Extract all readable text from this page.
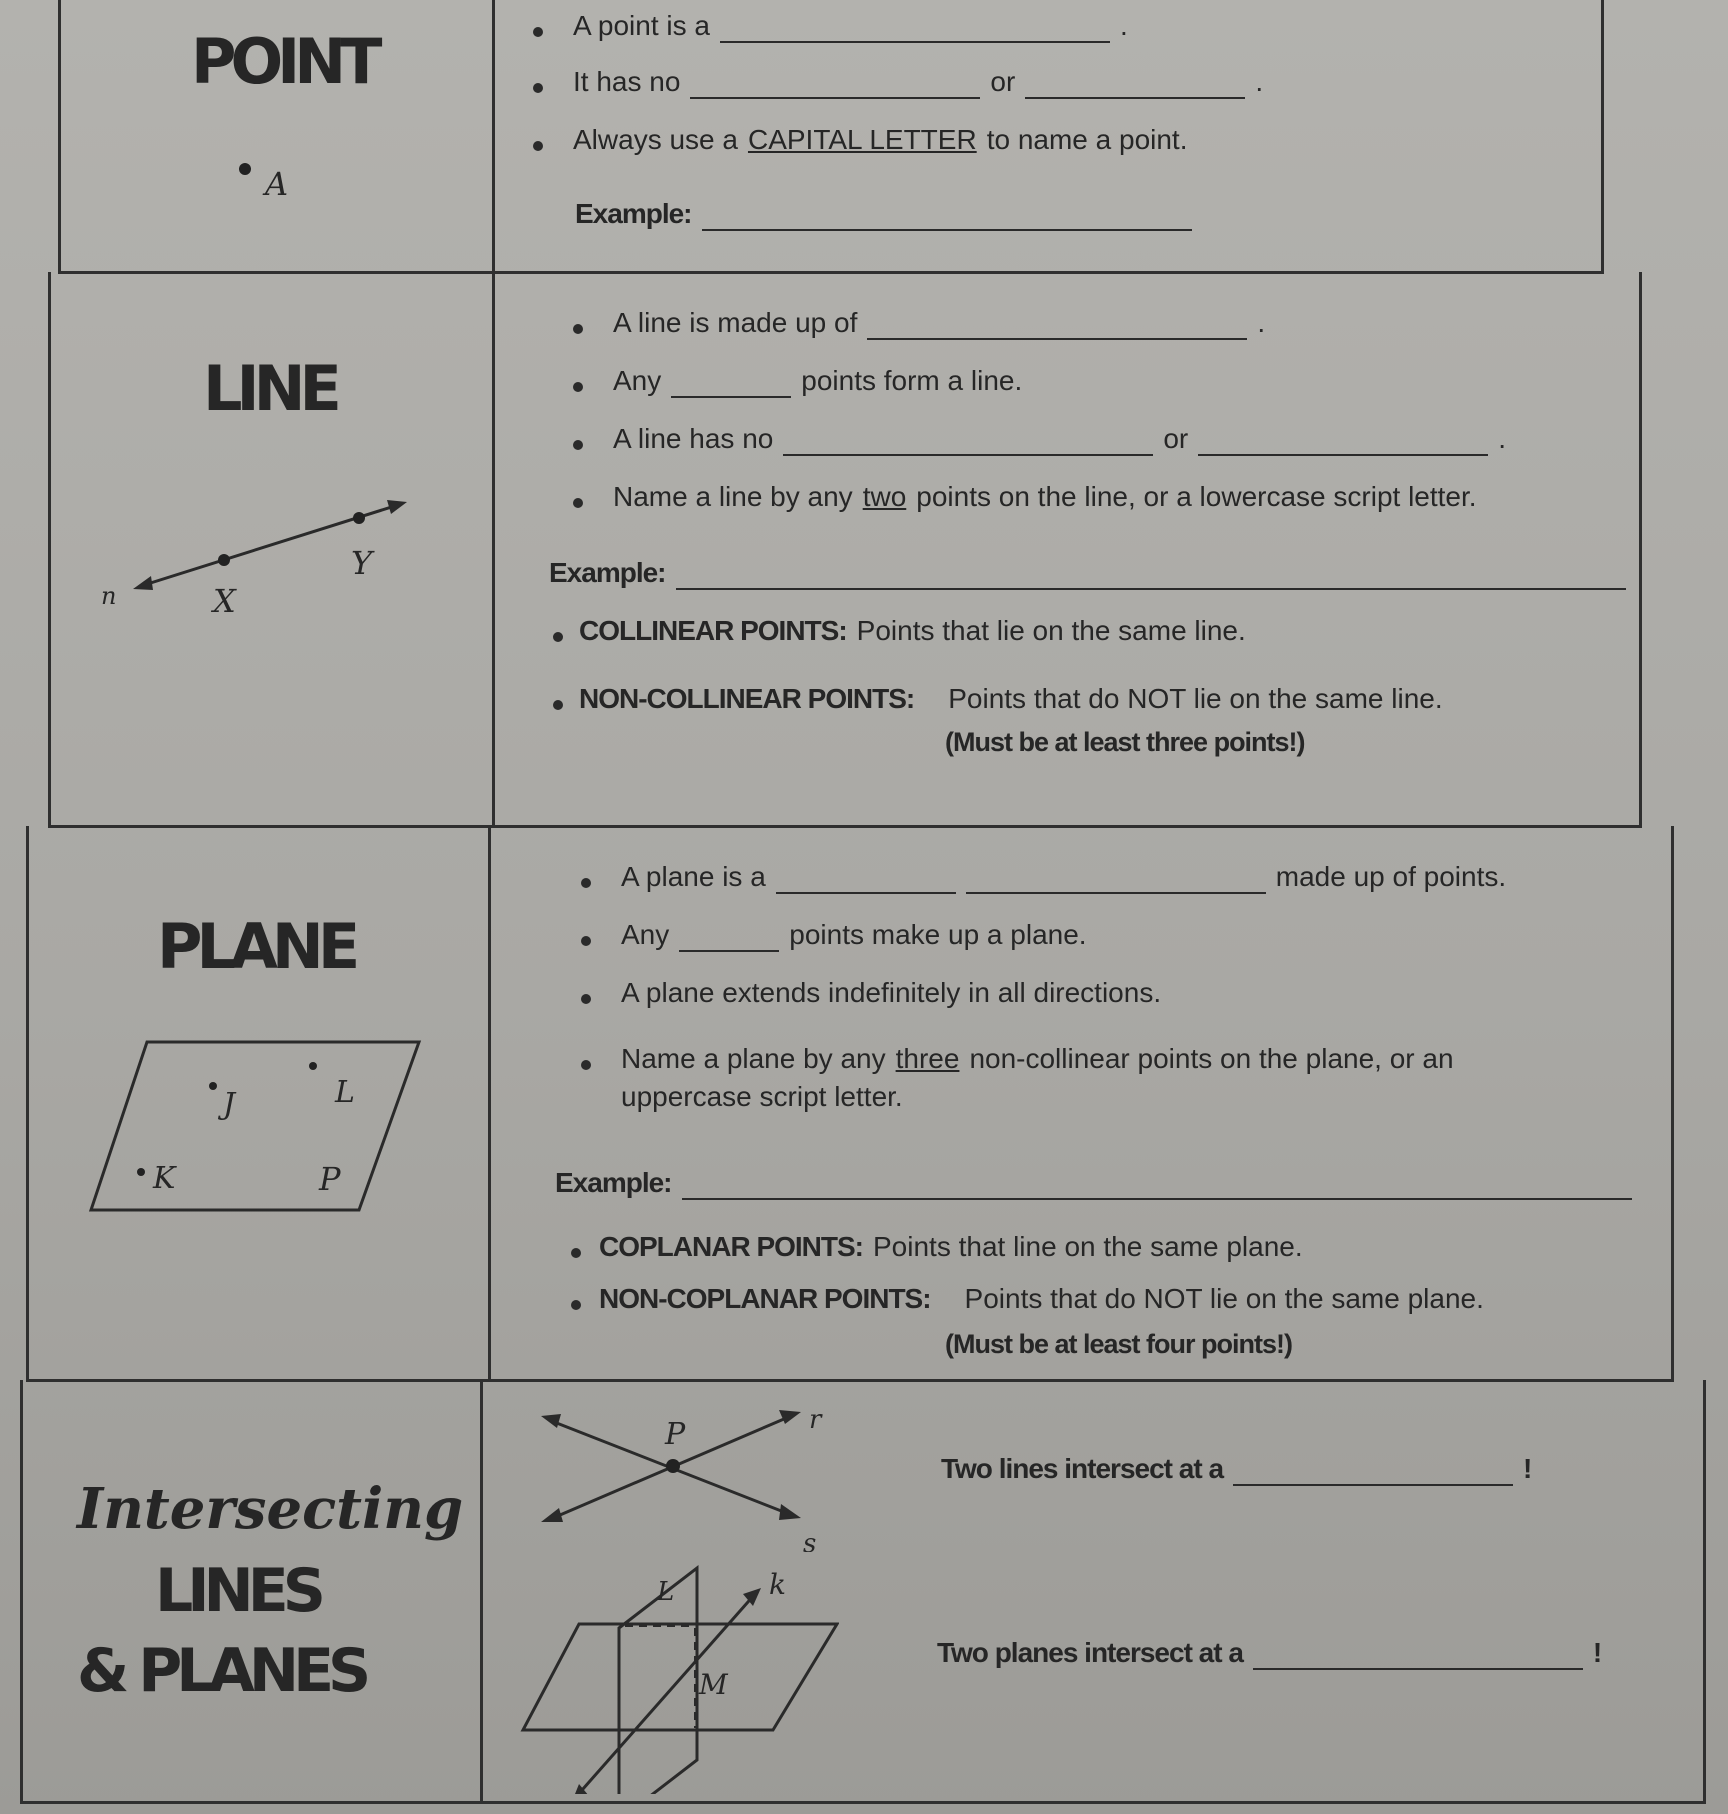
POINT
A
A point is a	.
It has no	or	.
Always use a CAPITAL LETTER to name a point.
Example:
LINE
n	X
Y
A line is made up of	.
Any	points form a line.
A line has no	or	.
Name a line by any two points on the line, or a lowercase script letter.
Example:
COLLINEAR POINTS: Points that lie on the same line.
NON-COLLINEAR POINTS: Points that do NOT lie on the same line.
(Must be at least three points!)
PLANE
J	L
K	P
A plane is a	made up of points.
Any	points make up a plane.
A plane extends indefinitely in all directions.
Name a plane by any three non-collinear points on the plane, or an
uppercase script letter.
Example:
COPLANAR POINTS: Points that line on the same plane.
NON-COPLANAR POINTS: Points that do NOT lie on the same plane.
(Must be at least four points!)
Intersecting
LINES
& PLANES
P	r
s
Two lines intersect at a	!
L	k
M
Two planes intersect at a	!
